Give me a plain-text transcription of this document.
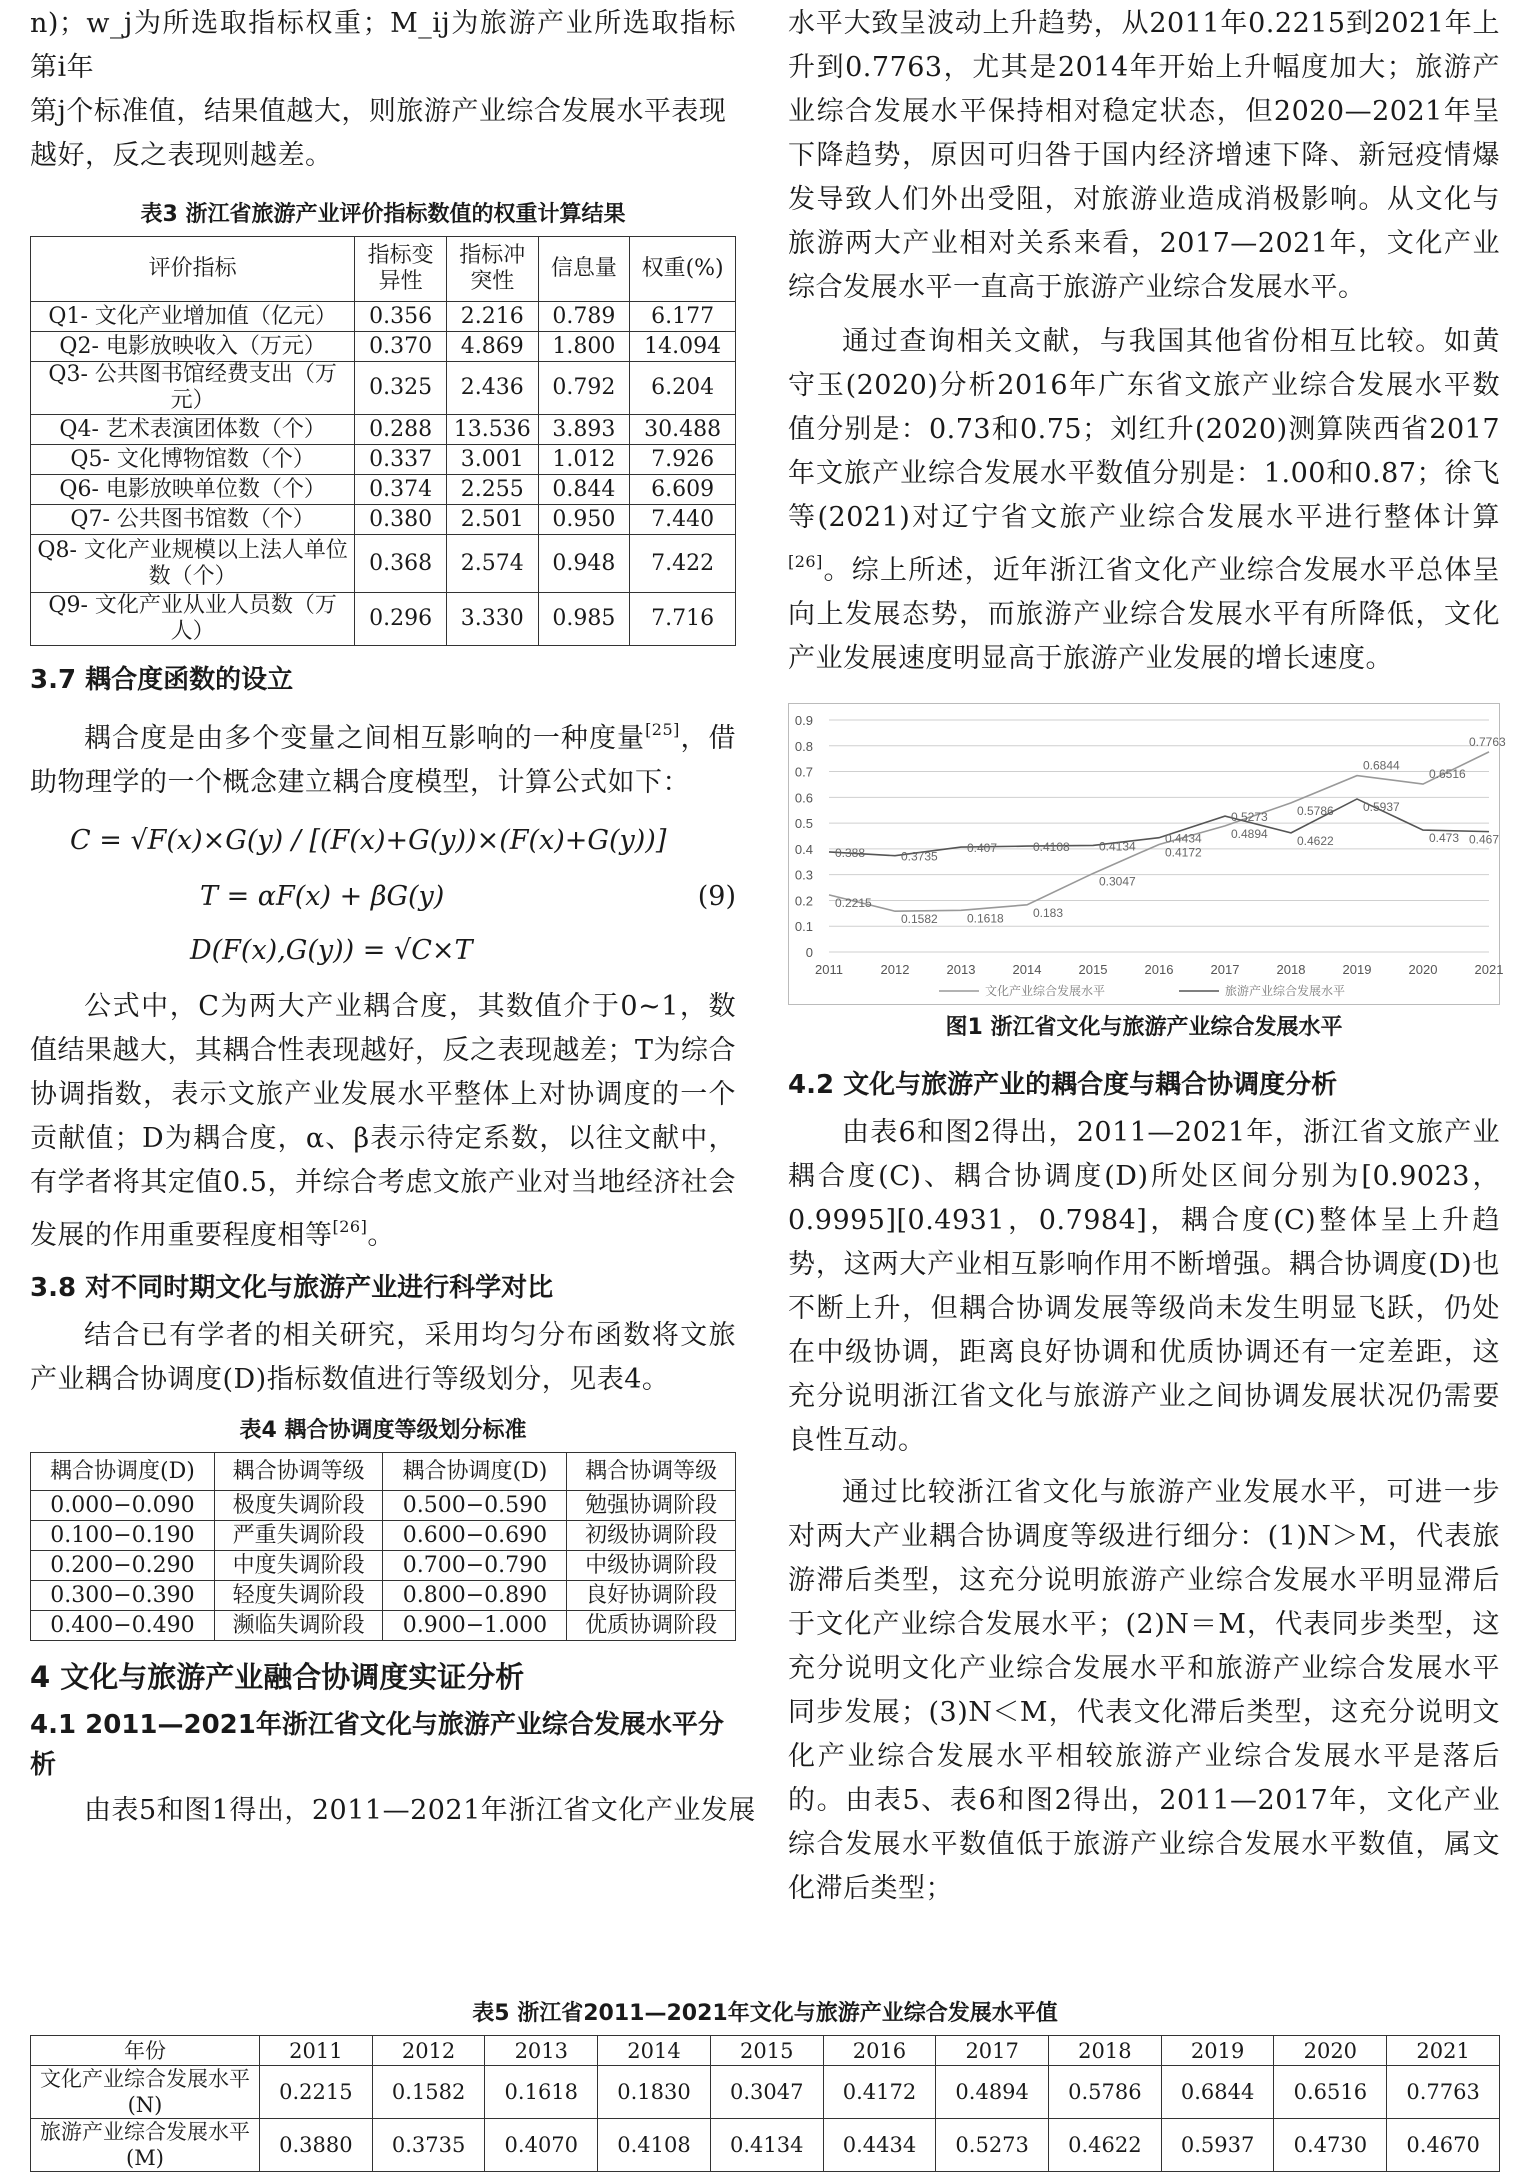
n)；w_j为所选取指标权重；M_ij为旅游产业所选取指标第i年

第j个标准值，结果值越大，则旅游产业综合发展水平表现

越好，反之表现则越差。

表3 浙江省旅游产业评价指标数值的权重计算结果

评价指标	指标变异性	指标冲突性	信息量	权重(%)
Q1- 文化产业增加值（亿元）	0.356	2.216	0.789	6.177
Q2- 电影放映收入（万元）	0.370	4.869	1.800	14.094
Q3- 公共图书馆经费支出（万元）	0.325	2.436	0.792	6.204
Q4- 艺术表演团体数（个）	0.288	13.536	3.893	30.488
Q5- 文化博物馆数（个）	0.337	3.001	1.012	7.926
Q6- 电影放映单位数（个）	0.374	2.255	0.844	6.609
Q7- 公共图书馆数（个）	0.380	2.501	0.950	7.440
Q8- 文化产业规模以上法人单位数（个）	0.368	2.574	0.948	7.422
Q9- 文化产业从业人员数（万人）	0.296	3.330	0.985	7.716
3.7 耦合度函数的设立

耦合度是由多个变量之间相互影响的一种度量[25]，借助物理学的一个概念建立耦合度模型，计算公式如下：

C = √F(x)×G(y) / [(F(x)+G(y))×(F(x)+G(y))]
T = αF(x) + βG(y)	(9)
D(F(x),G(y)) = √C×T

公式中，C为两大产业耦合度，其数值介于0~1，数值结果越大，其耦合性表现越好，反之表现越差；T为综合协调指数，表示文旅产业发展水平整体上对协调度的一个贡献值；D为耦合度，α、β表示待定系数，以往文献中，有学者将其定值0.5，并综合考虑文旅产业对当地经济社会发展的作用重要程度相等[26]。

3.8 对不同时期文化与旅游产业进行科学对比

结合已有学者的相关研究，采用均匀分布函数将文旅产业耦合协调度(D)指标数值进行等级划分，见表4。

表4 耦合协调度等级划分标准

耦合协调度(D)	耦合协调等级	耦合协调度(D)	耦合协调等级
0.000−0.090	极度失调阶段	0.500−0.590	勉强协调阶段
0.100−0.190	严重失调阶段	0.600−0.690	初级协调阶段
0.200−0.290	中度失调阶段	0.700−0.790	中级协调阶段
0.300−0.390	轻度失调阶段	0.800−0.890	良好协调阶段
0.400−0.490	濒临失调阶段	0.900−1.000	优质协调阶段
4 文化与旅游产业融合协调度实证分析
4.1 2011—2021年浙江省文化与旅游产业综合发展水平分析

由表5和图1得出，2011—2021年浙江省文化产业发展

水平大致呈波动上升趋势，从2011年0.2215到2021年上升到0.7763，尤其是2014年开始上升幅度加大；旅游产业综合发展水平保持相对稳定状态，但2020—2021年呈下降趋势，原因可归咎于国内经济增速下降、新冠疫情爆发导致人们外出受阻，对旅游业造成消极影响。从文化与旅游两大产业相对关系来看，2017—2021年，文化产业综合发展水平一直高于旅游产业综合发展水平。

通过查询相关文献，与我国其他省份相互比较。如黄守玉(2020)分析2016年广东省文旅产业综合发展水平数值分别是：0.73和0.75；刘红升(2020)测算陕西省2017年文旅产业综合发展水平数值分别是：1.00和0.87；徐飞等(2021)对辽宁省文旅产业综合发展水平进行整体计算[26]。综上所述，近年浙江省文化产业综合发展水平总体呈向上发展态势，而旅游产业综合发展水平有所降低，文化产业发展速度明显高于旅游产业发展的增长速度。

0
0.1
0.2
0.3
0.4
0.5
0.6
0.7
0.8
0.9
2011	2012	2013	2014	2015	2016	2017	2018	2019	2020	2021
0.2215
0.1582 0.1618 0.183
0.3047
0.4172
0.4894
0.5786
0.6844
0.6516
0.7763
0.388	0.3735
0.407	0.4108 0.4134
0.4434
0.5273
0.4622
0.5937
0.473 0.467
文化产业综合发展水平	旅游产业综合发展水平

图1 浙江省文化与旅游产业综合发展水平

4.2 文化与旅游产业的耦合度与耦合协调度分析

由表6和图2得出，2011—2021年，浙江省文旅产业耦合度(C)、耦合协调度(D)所处区间分别为[0.9023，0.9995][0.4931，0.7984]，耦合度(C)整体呈上升趋势，这两大产业相互影响作用不断增强。耦合协调度(D)也不断上升，但耦合协调发展等级尚未发生明显飞跃，仍处在中级协调，距离良好协调和优质协调还有一定差距，这充分说明浙江省文化与旅游产业之间协调发展状况仍需要良性互动。

通过比较浙江省文化与旅游产业发展水平，可进一步对两大产业耦合协调度等级进行细分：(1)N＞M，代表旅游滞后类型，这充分说明旅游产业综合发展水平明显滞后于文化产业综合发展水平；(2)N＝M，代表同步类型，这充分说明文化产业综合发展水平和旅游产业综合发展水平同步发展；(3)N＜M，代表文化滞后类型，这充分说明文化产业综合发展水平相较旅游产业综合发展水平是落后的。由表5、表6和图2得出，2011—2017年，文化产业综合发展水平数值低于旅游产业综合发展水平数值，属文化滞后类型；

表5 浙江省2011—2021年文化与旅游产业综合发展水平值

年份	2011	2012	2013	2014	2015	2016	2017	2018	2019	2020	2021
文化产业综合发展水平(N)	0.2215	0.1582	0.1618	0.1830	0.3047	0.4172	0.4894	0.5786	0.6844	0.6516	0.7763
旅游产业综合发展水平(M)	0.3880	0.3735	0.4070	0.4108	0.4134	0.4434	0.5273	0.4622	0.5937	0.4730	0.4670
